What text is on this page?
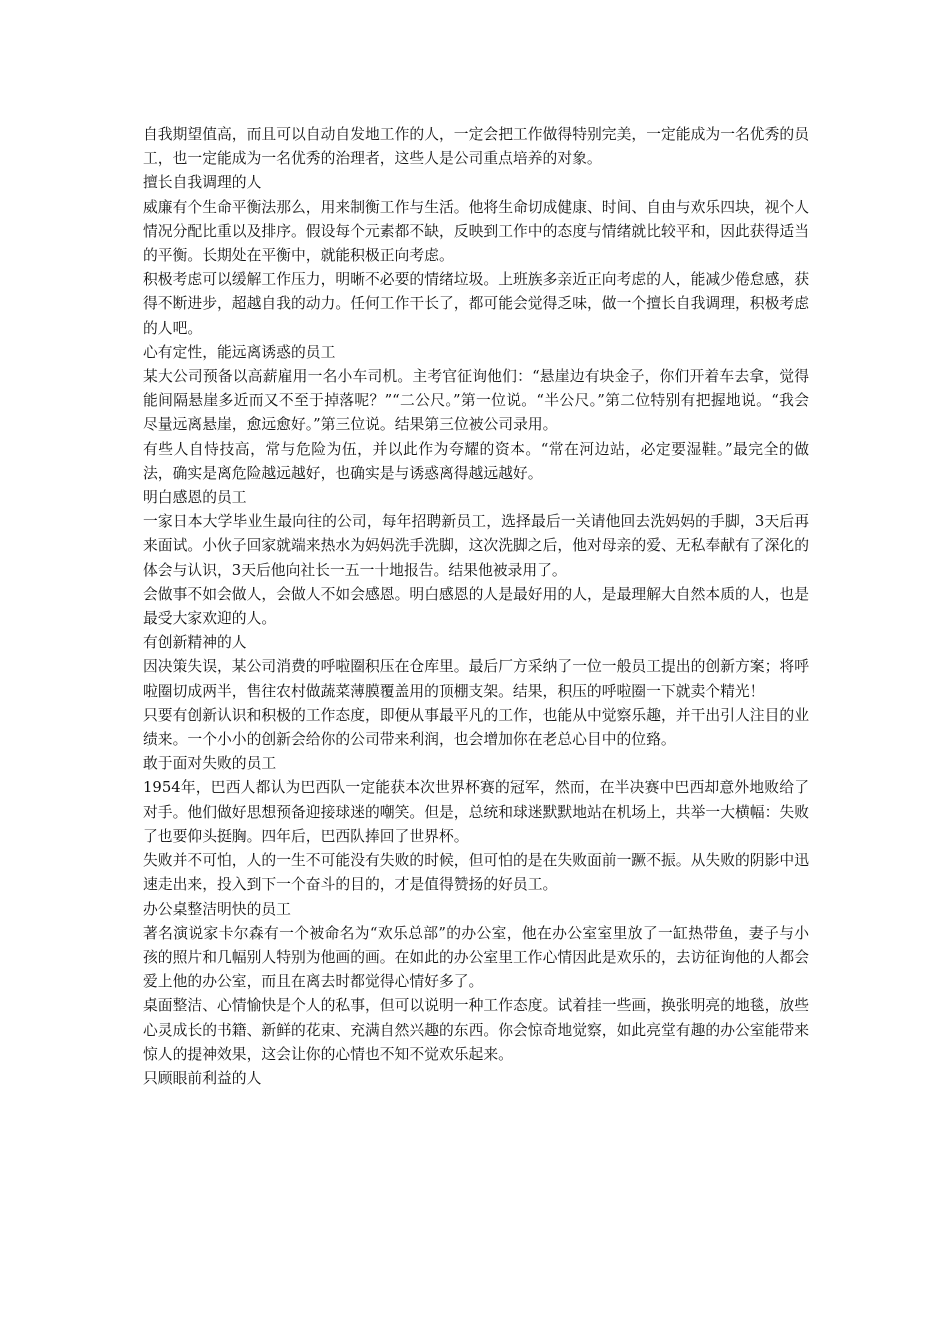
自我期望值高，而且可以自动自发地工作的人，一定会把工作做得特别完美，一定能成为一名优秀的员工，也一定能成为一名优秀的治理者，这些人是公司重点培养的对象。

擅长自我调理的人

威廉有个生命平衡法那么，用来制衡工作与生活。他将生命切成健康、时间、自由与欢乐四块，视个人情况分配比重以及排序。假设每个元素都不缺，反映到工作中的态度与情绪就比较平和，因此获得适当的平衡。长期处在平衡中，就能积极正向考虑。

积极考虑可以缓解工作压力，明晰不必要的情绪垃圾。上班族多亲近正向考虑的人，能减少倦怠感，获得不断进步，超越自我的动力。任何工作干长了，都可能会觉得乏味，做一个擅长自我调理，积极考虑的人吧。

心有定性，能远离诱惑的员工

某大公司预备以高薪雇用一名小车司机。主考官征询他们：“悬崖边有块金子，你们开着车去拿，觉得能间隔悬崖多近而又不至于掉落呢？”“二公尺。”第一位说。“半公尺。”第二位特别有把握地说。“我会尽量远离悬崖，愈远愈好。”第三位说。结果第三位被公司录用。

有些人自恃技高，常与危险为伍，并以此作为夸耀的资本。“常在河边站，必定要湿鞋。”最完全的做法，确实是离危险越远越好，也确实是与诱惑离得越远越好。

明白感恩的员工

一家日本大学毕业生最向往的公司，每年招聘新员工，选择最后一关请他回去洗妈妈的手脚，3天后再来面试。小伙子回家就端来热水为妈妈洗手洗脚，这次洗脚之后，他对母亲的爱、无私奉献有了深化的体会与认识，3天后他向社长一五一十地报告。结果他被录用了。

会做事不如会做人，会做人不如会感恩。明白感恩的人是最好用的人，是最理解大自然本质的人，也是最受大家欢迎的人。

有创新精神的人

因决策失误，某公司消费的呼啦圈积压在仓库里。最后厂方采纳了一位一般员工提出的创新方案；将呼啦圈切成两半，售往农村做蔬菜薄膜覆盖用的顶棚支架。结果，积压的呼啦圈一下就卖个精光！

只要有创新认识和积极的工作态度，即便从事最平凡的工作，也能从中觉察乐趣，并干出引人注目的业绩来。一个小小的创新会给你的公司带来利润，也会增加你在老总心目中的位臵。

敢于面对失败的员工

1954年，巴西人都认为巴西队一定能获本次世界杯赛的冠军，然而，在半决赛中巴西却意外地败给了对手。他们做好思想预备迎接球迷的嘲笑。但是，总统和球迷默默地站在机场上，共举一大横幅：失败了也要仰头挺胸。四年后，巴西队捧回了世界杯。

失败并不可怕，人的一生不可能没有失败的时候，但可怕的是在失败面前一蹶不振。从失败的阴影中迅速走出来，投入到下一个奋斗的目的，才是值得赞扬的好员工。

办公桌整洁明快的员工

著名演说家卡尔森有一个被命名为“欢乐总部”的办公室，他在办公室室里放了一缸热带鱼，妻子与小孩的照片和几幅别人特别为他画的画。在如此的办公室里工作心情因此是欢乐的，去访征询他的人都会爱上他的办公室，而且在离去时都觉得心情好多了。

桌面整洁、心情愉快是个人的私事，但可以说明一种工作态度。试着挂一些画，换张明亮的地毯，放些心灵成长的书籍、新鲜的花束、充满自然兴趣的东西。你会惊奇地觉察，如此亮堂有趣的办公室能带来惊人的提神效果，这会让你的心情也不知不觉欢乐起来。

只顾眼前利益的人
